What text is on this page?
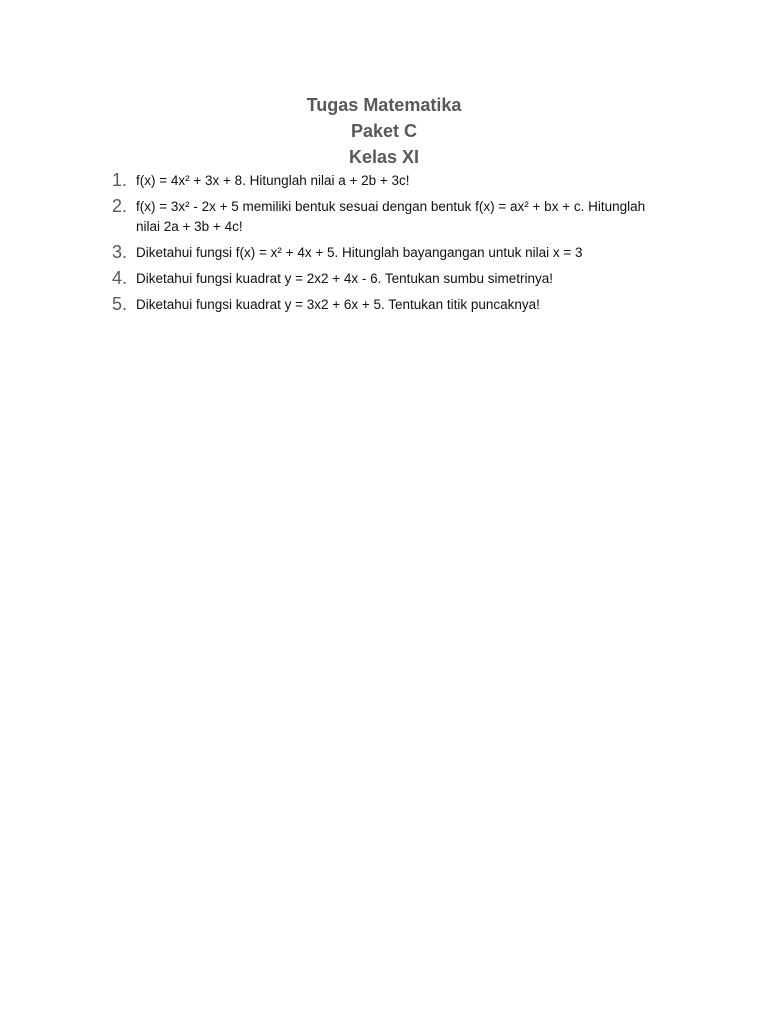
Tugas Matematika

Paket C

Kelas XI

1. f(x) = 4x² + 3x + 8. Hitunglah nilai a + 2b + 3c!
2. f(x) = 3x² - 2x + 5 memiliki bentuk sesuai dengan bentuk f(x) = ax² + bx + c. Hitunglah nilai 2a + 3b + 4c!
3. Diketahui fungsi f(x) = x² + 4x + 5. Hitunglah bayangangan untuk nilai x = 3
4. Diketahui fungsi kuadrat y = 2x2 + 4x - 6. Tentukan sumbu simetrinya!
5. Diketahui fungsi kuadrat y = 3x2 + 6x + 5. Tentukan titik puncaknya!
